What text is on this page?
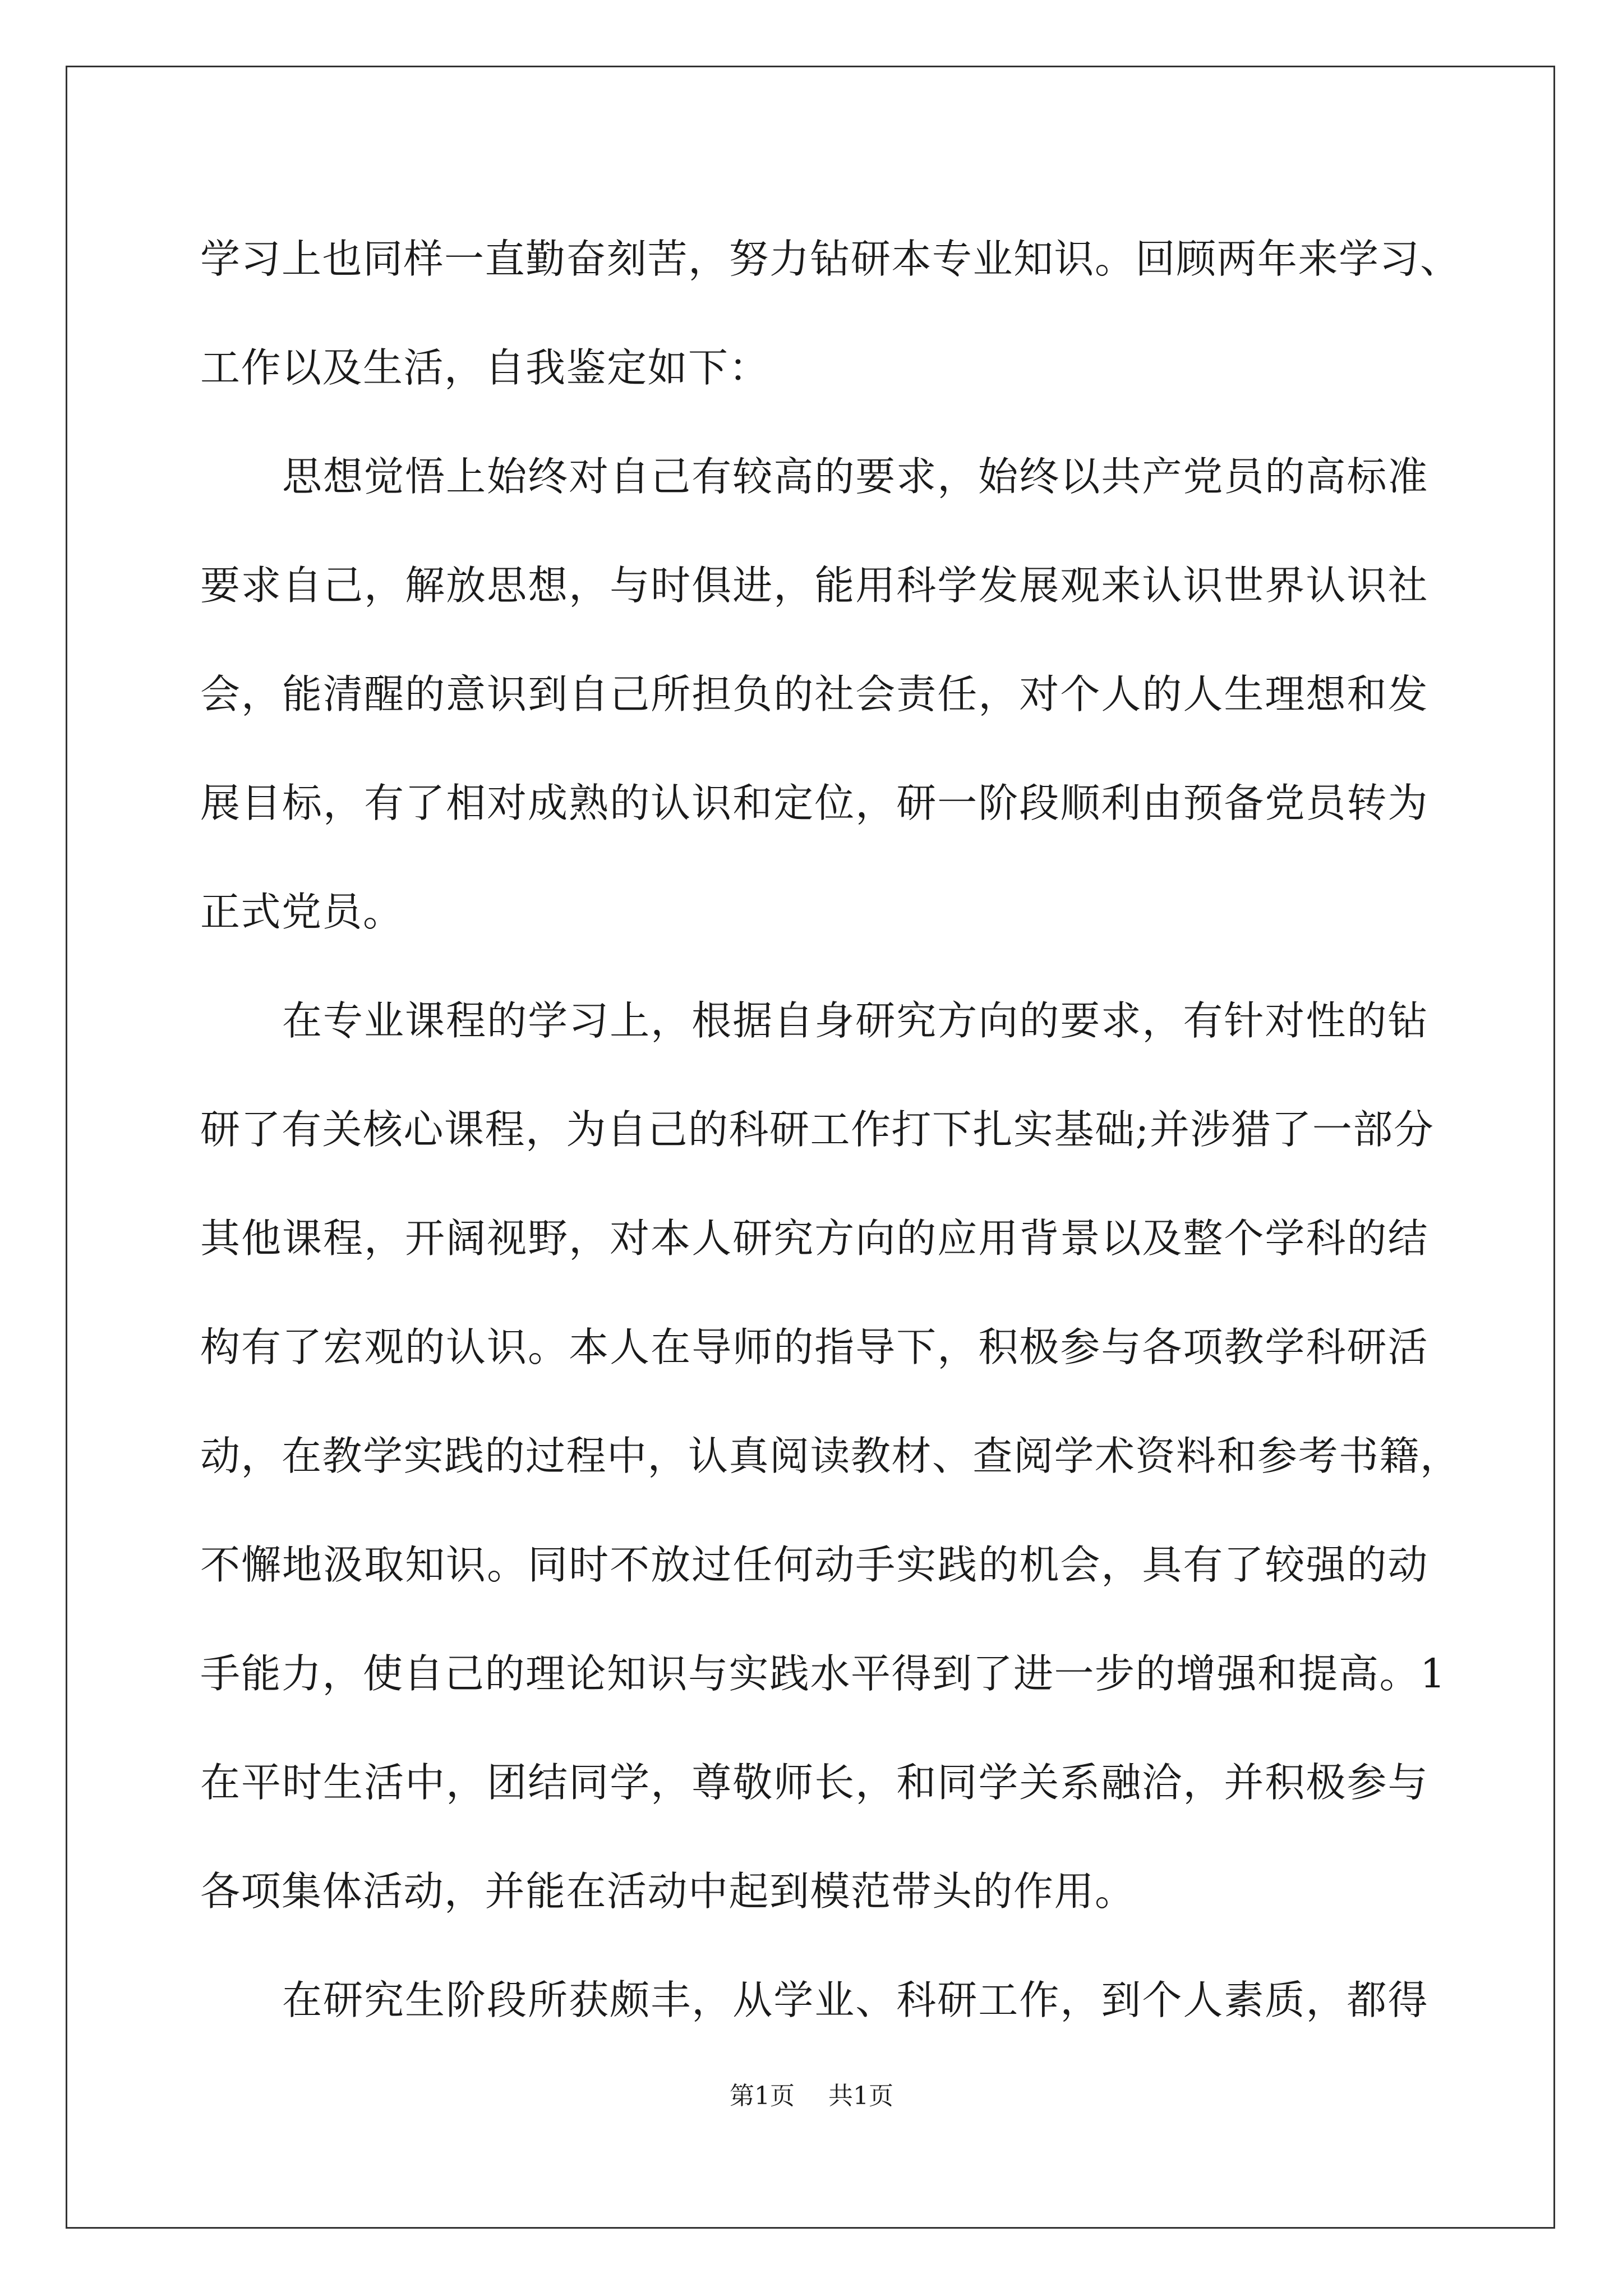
学习上也同样一直勤奋刻苦，努力钻研本专业知识。回顾两年来学习、
工作以及生活，自我鉴定如下：
思想觉悟上始终对自己有较高的要求，始终以共产党员的高标准
要求自己，解放思想，与时俱进，能用科学发展观来认识世界认识社
会，能清醒的意识到自己所担负的社会责任，对个人的人生理想和发
展目标，有了相对成熟的认识和定位，研一阶段顺利由预备党员转为
正式党员。
在专业课程的学习上，根据自身研究方向的要求，有针对性的钻
研了有关核心课程，为自己的科研工作打下扎实基础;并涉猎了一部分
其他课程，开阔视野，对本人研究方向的应用背景以及整个学科的结
构有了宏观的认识。本人在导师的指导下，积极参与各项教学科研活
动，在教学实践的过程中，认真阅读教材、查阅学术资料和参考书籍，
不懈地汲取知识。同时不放过任何动手实践的机会，具有了较强的动
手能力，使自己的理论知识与实践水平得到了进一步的增强和提高。1
在平时生活中，团结同学，尊敬师长，和同学关系融洽，并积极参与
各项集体活动，并能在活动中起到模范带头的作用。
在研究生阶段所获颇丰，从学业、科研工作，到个人素质，都得
第1页 共1页
